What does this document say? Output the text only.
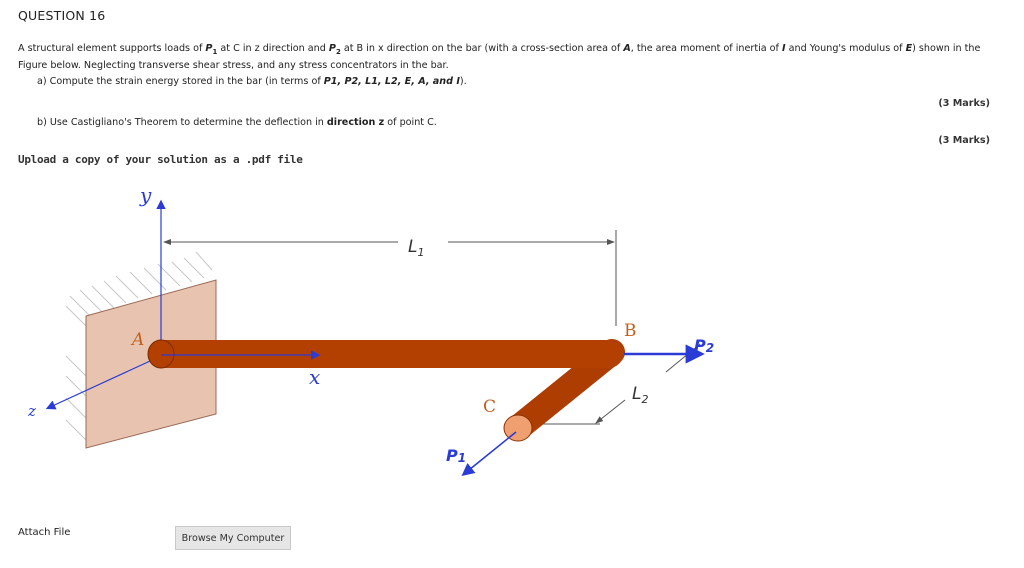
QUESTION 16
A structural element supports loads of $P_1$ at C in z direction and $P_2$ at B in x direction on the bar (with a cross-section area of A, the area moment of inertia of I and Young's modulus of E) shown in the Figure below. Neglecting transverse shear stress, and any stress concentrators in the bar.
a) Compute the strain energy stored in the bar (in terms of P1, P2, L1, L2, E, A, and I).
(3 Marks)
b) Use Castigliano's Theorem to determine the deflection in direction z of point C.
(3 Marks)
Upload a copy of your solution as a .pdf file
y
x
z
A	B
C
$L_1$
$L_2$
P2
P1
Attach File	Browse My Computer
